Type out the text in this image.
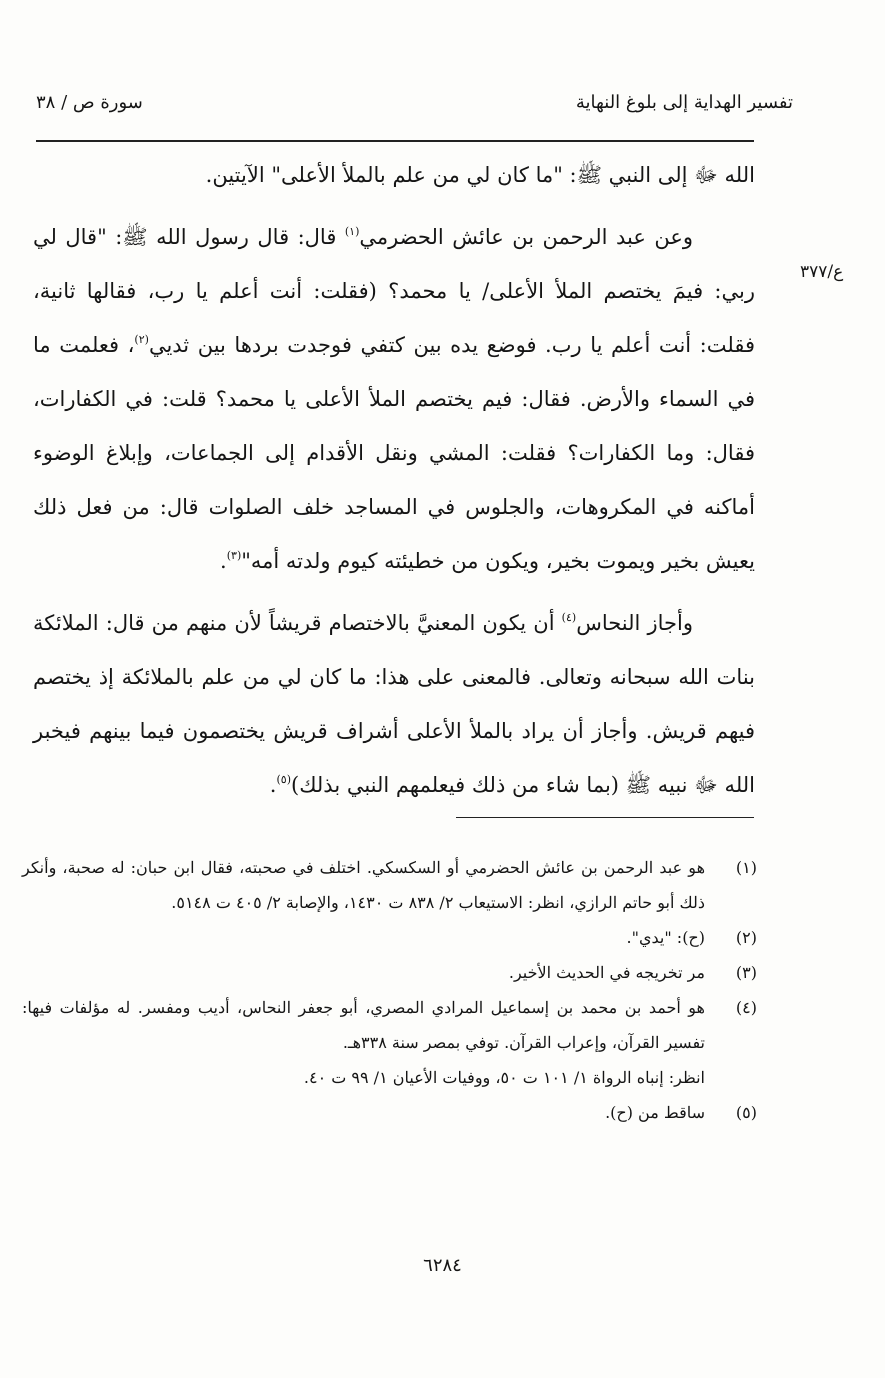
تفسير الهداية إلى بلوغ النهاية
سورة ص / ٣٨
ع/٣٧٧

الله ﷻ إلى النبي ﷺ: "ما كان لي من علم بالملأ الأعلى" الآيتين.

وعن عبد الرحمن بن عائش الحضرمي$^{(١)}$ قال: قال رسول الله ﷺ: "قال لي ربي: فيمَ يختصم الملأ الأعلى/ يا محمد؟ (فقلت: أنت أعلم يا رب، فقالها ثانية، فقلت: أنت أعلم يا رب. فوضع يده بين كتفي فوجدت بردها بين ثديي$^{(٢)}$، فعلمت ما في السماء والأرض. فقال: فيم يختصم الملأ الأعلى يا محمد؟ قلت: في الكفارات، فقال: وما الكفارات؟ فقلت: المشي ونقل الأقدام إلى الجماعات، وإبلاغ الوضوء أماكنه في المكروهات، والجلوس في المساجد خلف الصلوات قال: من فعل ذلك يعيش بخير ويموت بخير، ويكون من خطيئته كيوم ولدته أمه"$^{(٣)}$.

وأجاز النحاس$^{(٤)}$ أن يكون المعنيَّ بالاختصام قريشاً لأن منهم من قال: الملائكة بنات الله سبحانه وتعالى. فالمعنى على هذا: ما كان لي من علم بالملائكة إذ يختصم فيهم قريش. وأجاز أن يراد بالملأ الأعلى أشراف قريش يختصمون فيما بينهم فيخبر الله ﷻ نبيه ﷺ (بما شاء من ذلك فيعلمهم النبي بذلك)$^{(٥)}$.

(١)
هو عبد الرحمن بن عائش الحضرمي أو السكسكي. اختلف في صحبته، فقال ابن حبان: له صحبة، وأنكر ذلك أبو حاتم الرازي، انظر: الاستيعاب ٢/ ٨٣٨ ت ١٤٣٠، والإصابة ٢/ ٤٠٥ ت ٥١٤٨.
(٢)
(ح): "يدي".
(٣)
مر تخريجه في الحديث الأخير.
(٤)
هو أحمد بن محمد بن إسماعيل المرادي المصري، أبو جعفر النحاس، أديب ومفسر. له مؤلفات فيها: تفسير القرآن، وإعراب القرآن. توفي بمصر سنة ٣٣٨هـ.
انظر: إنباه الرواة ١/ ١٠١ ت ٥٠، ووفيات الأعيان ١/ ٩٩ ت ٤٠.
(٥)
ساقط من (ح).
٦٢٨٤
